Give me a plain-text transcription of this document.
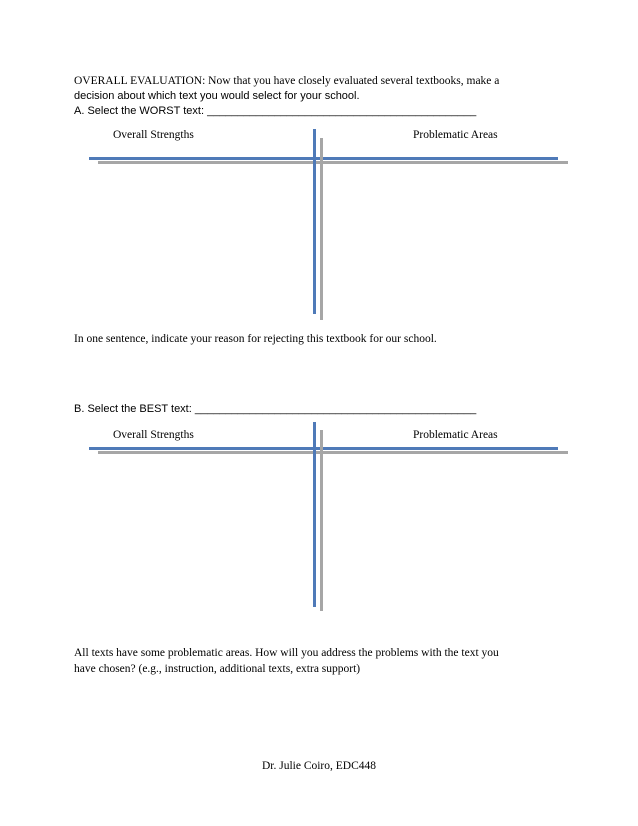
OVERALL EVALUATION: Now that you have closely evaluated several textbooks, make a
decision about which text you would select for your school.
A. Select the WORST text: ____________________________________________
Overall Strengths	Problematic Areas
In one sentence, indicate your reason for rejecting this textbook for our school.
B. Select the BEST text: ______________________________________________
Overall Strengths	Problematic Areas
All texts have some problematic areas. How will you address the problems with the text you
have chosen? (e.g., instruction, additional texts, extra support)
Dr. Julie Coiro, EDC448
